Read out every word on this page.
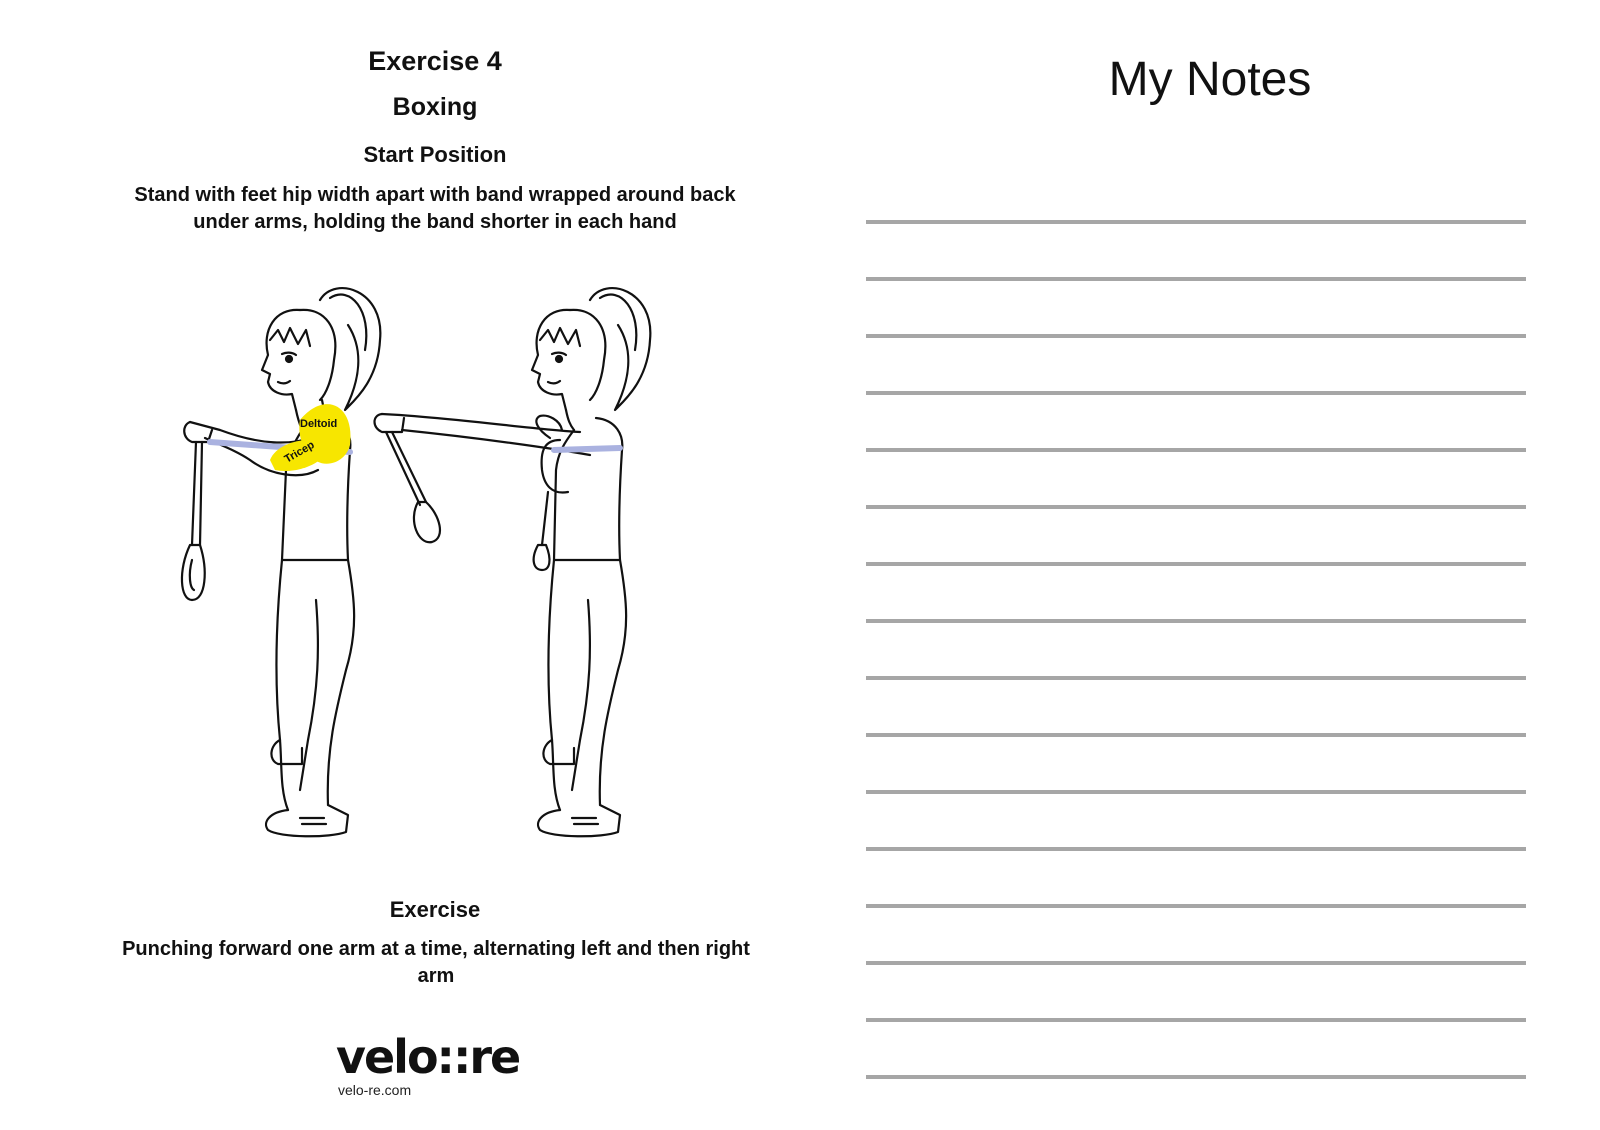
Exercise 4
Boxing
Start Position

Stand with feet hip width apart with band wrapped around back under arms, holding the band shorter in each hand

Deltoid
Tricep
Exercise

Punching forward one arm at a time, alternating left and then right arm

velo::re
velo-re.com
My Notes
